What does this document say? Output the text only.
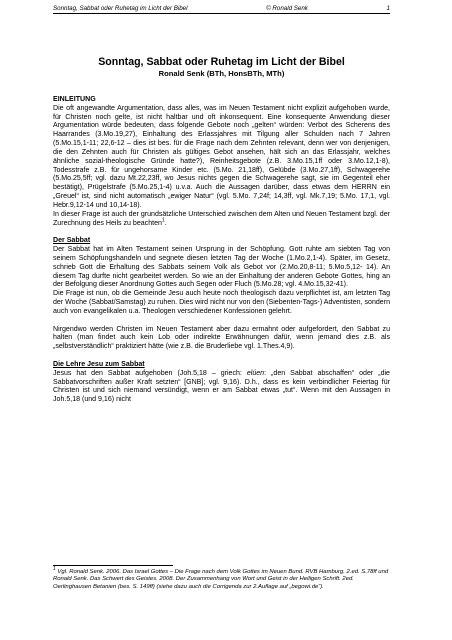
Sonntag, Sabbat oder Ruhetag im Licht der Bibel	© Ronald Senk	1
Sonntag, Sabbat oder Ruhetag im Licht der Bibel
Ronald Senk (BTh, HonsBTh, MTh)

EINLEITUNG

Die oft angewandte Argumentation, dass alles, was im Neuen Testament nicht explizit aufgehoben wurde, für Christen noch gelte, ist nicht haltbar und oft inkonsequent. Eine konsequente Anwendung dieser Argumentation würde bedeuten, dass folgende Gebote noch „gelten“ würden: Verbot des Scherens des Haarrandes (3.Mo.19,27), Einhaltung des Erlassjahres mit Tilgung aller Schulden nach 7 Jahren (5.Mo.15,1-11; 22,6-12 – dies ist bes. für die Frage nach dem Zehnten relevant, denn wer von denjenigen, die den Zehnten auch für Christen als gültiges Gebot ansehen, hält sich an das Erlassjahr, welches ähnliche sozial-theologische Gründe hatte?), Reinheitsgebote (z.B. 3.Mo.15,1ff oder 3.Mo.12,1-8), Todesstrafe z.B. für ungehorsame Kinder etc. (5.Mo. 21,18ff), Gelübde (3.Mo.27,1ff), Schwagerehe (5.Mo.25,5ff; vgl. dazu Mt.22,23ff, wo Jesus nichts gegen die Schwagerehe sagt, sie im Gegenteil eher bestätigt), Prügelstrafe (5.Mo.25,1-4) u.v.a. Auch die Aussagen darüber, dass etwas dem HERRN ein „Greuel“ ist, sind nicht automatisch „ewiger Natur“ (vgl. 5.Mo. 7,24f; 14,3ff, vgl. Mk.7,19; 5.Mo. 17,1, vgl. Hebr.9,12-14 und 10,14-18).

In dieser Frage ist auch der grundsätzliche Unterschied zwischen dem Alten und Neuen Testament bzgl. der Zurechnung des Heils zu beachten$^1$.

Der Sabbat

Der Sabbat hat im Alten Testament seinen Ursprung in der Schöpfung. Gott ruhte am siebten Tag von seinem Schöpfungshandeln und segnete diesen letzten Tag der Woche (1.Mo.2,1-4). Später, im Gesetz, schrieb Gott die Erhaltung des Sabbats seinem Volk als Gebot vor (2.Mo.20,8-11; 5.Mo.5,12- 14). An diesem Tag durfte nicht gearbeitet werden. So wie an der Einhaltung der anderen Gebote Gottes, hing an der Befolgung dieser Anordnung Gottes auch Segen oder Fluch (5.Mo.28; vgl. 4.Mo.15,32-41).

Die Frage ist nun, ob die Gemeinde Jesu auch heute noch theologisch dazu verpflichtet ist, am letzten Tag der Woche (Sabbat/Samstag) zu ruhen. Dies wird nicht nur von den (Siebenten-Tags-) Adventisten, sondern auch von evangelikalen u.a. Theologen verschiedener Konfessionen gelehrt.

Nirgendwo werden Christen im Neuen Testament aber dazu ermahnt oder aufgefordert, den Sabbat zu halten (man findet auch kein Lob oder indirekte Erwähnungen dafür, wenn jemand dies z.B. als „selbstverständlich“ praktiziert hätte (wie z.B. die Bruderliebe vgl. 1.Thes.4,9).

Die Lehre Jesu zum Sabbat

Jesus hat den Sabbat aufgehoben (Joh.5,18 – griech: elúen: „den Sabbat abschaffen“ oder „die Sabbatvorschriften außer Kraft setzten“ [GNB]; vgl. 9,16). D.h., dass es kein verbindlicher Feiertag für Christen ist und sich niemand versündigt, wenn er am Sabbat etwas „tut“. Wenn mit den Aussagen in Joh.5,18 (und 9,16) nicht

$^1$ Vgl. Ronald Senk. 2006. Das Israel Gottes – Die Frage nach dem Volk Gottes im Neuen Bund. RVB Hamburg. 2.ed. S.78ff und Ronald Senk. Das Schwert des Geistes. 2008. Der Zusammenhang von Wort und Geist in der Heiligen Schrift. 2ed. Oerlinghausen Betanien (bes. S. 149ff) (siehe dazu auch die Corrigenda zur 2.Auflage auf „begowi.de“).
